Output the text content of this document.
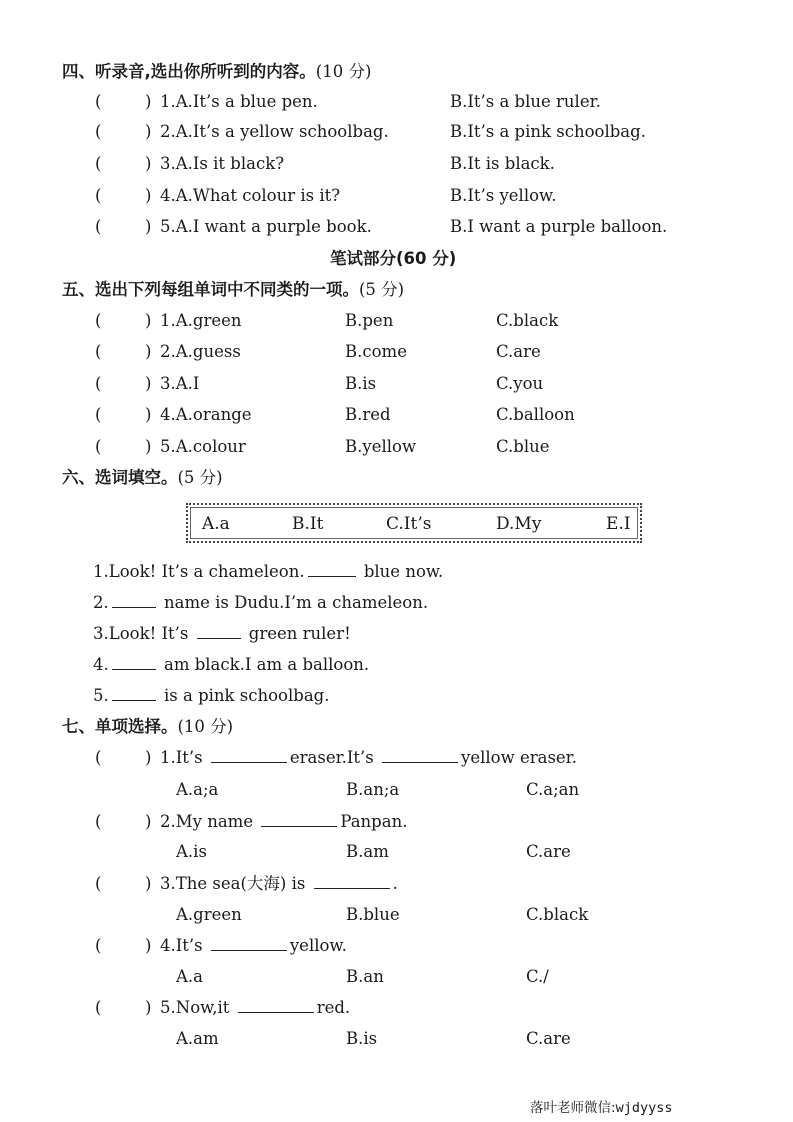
四、听录音,选出你所听到的内容。(10 分)
(	) 1.A.It’s a blue pen.	B.It’s a blue ruler.
(	) 2.A.It’s a yellow schoolbag.	B.It’s a pink schoolbag.
(	) 3.A.Is it black?	B.It is black.
(	) 4.A.What colour is it?	B.It’s yellow.
(	) 5.A.I want a purple book.	B.I want a purple balloon.
笔试部分(60 分)
五、选出下列每组单词中不同类的一项。(5 分)
(	) 1.A.green	B.pen	C.black
(	) 2.A.guess	B.come	C.are
(	) 3.A.I	B.is	C.you
(	) 4.A.orange	B.red	C.balloon
(	) 5.A.colour	B.yellow	C.blue
六、选词填空。(5 分)
A.a	B.It	C.It’s	D.My	E.I
1.Look! It’s a chameleon.	blue now.
2.	name is Dudu.I’m a chameleon.
3.Look! It’s	green ruler!
4.	am black.I am a balloon.
5.	is a pink schoolbag.
七、单项选择。(10 分)
(	) 1.It’s	eraser.It’s	yellow eraser.
A.a;a	B.an;a	C.a;an
(	) 2.My name	Panpan.
A.is	B.am	C.are
(	) 3.The sea(大海) is	.
A.green	B.blue	C.black
(	) 4.It’s	yellow.
A.a	B.an	C./
(	) 5.Now,it	red.
A.am	B.is	C.are
落叶老师微信:wjdyyss
